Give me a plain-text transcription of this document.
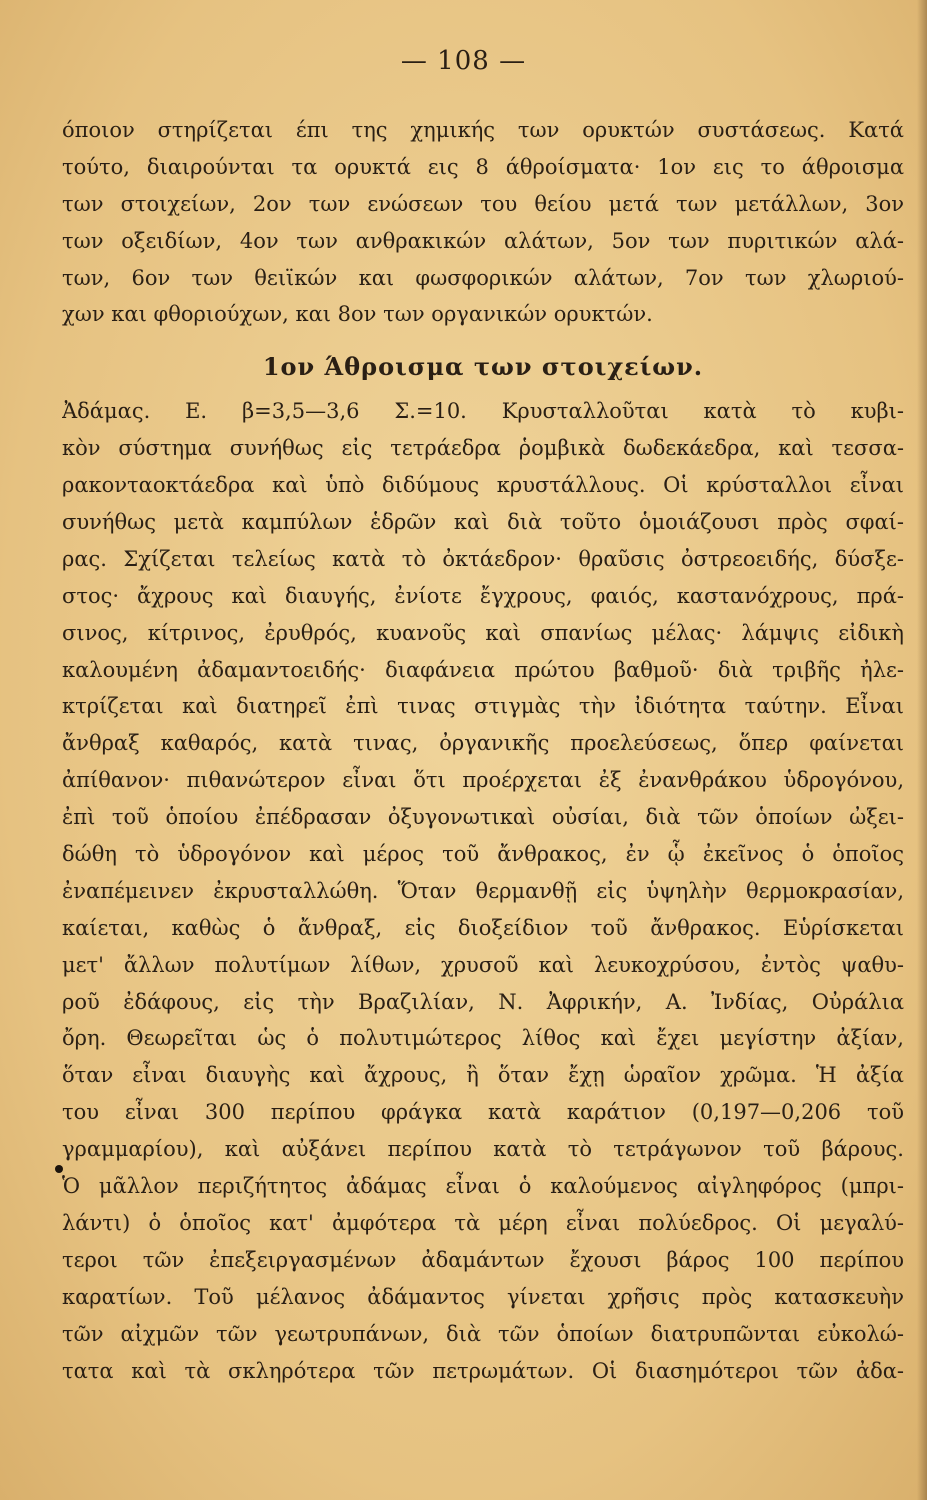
— 108 —
όποιον στηρίζεται έπι της χημικής των ορυκτών συστάσεως. Κατά
τούτο, διαιρούνται τα ορυκτά εις 8 άθροίσματα· 1ον εις το άθροισμα
των στοιχείων, 2ον των ενώσεων του θείου μετά των μετάλλων, 3ον
των οξειδίων, 4ον των ανθρακικών αλάτων, 5ον των πυριτικών αλά-
των, 6ον των θειϊκών και φωσφορικών αλάτων, 7ον των χλωριού-
χων και φθοριούχων, και 8ον των οργανικών ορυκτών.
1ον Άθροισμα των στοιχείων.
Ἀδάμας. Ε. β=3,5—3,6 Σ.=10. Κρυσταλλοῦται κατὰ τὸ κυβι-
κὸν σύστημα συνήθως εἰς τετράεδρα ῥομβικὰ δωδεκάεδρα, καὶ τεσσα-
ρακονταοκτάεδρα καὶ ὑπὸ διδύμους κρυστάλλους. Οἱ κρύσταλλοι εἶναι
συνήθως μετὰ καμπύλων ἑδρῶν καὶ διὰ τοῦτο ὁμοιάζουσι πρὸς σφαί-
ρας. Σχίζεται τελείως κατὰ τὸ ὀκτάεδρον· θραῦσις ὀστρεοειδής, δύσξε-
στος· ἄχρους καὶ διαυγής, ἐνίοτε ἔγχρους, φαιός, καστανόχρους, πρά-
σινος, κίτρινος, ἐρυθρός, κυανοῦς καὶ σπανίως μέλας· λάμψις εἰδικὴ
καλουμένη ἀδαμαντοειδής· διαφάνεια πρώτου βαθμοῦ· διὰ τριβῆς ἠλε-
κτρίζεται καὶ διατηρεῖ ἐπὶ τινας στιγμὰς τὴν ἰδιότητα ταύτην. Εἶναι
ἄνθραξ καθαρός, κατὰ τινας, ὀργανικῆς προελεύσεως, ὅπερ φαίνεται
ἀπίθανον· πιθανώτερον εἶναι ὅτι προέρχεται ἐξ ἐνανθράκου ὑδρογόνου,
ἐπὶ τοῦ ὁποίου ἐπέδρασαν ὀξυγονωτικαὶ οὐσίαι, διὰ τῶν ὁποίων ὠξει-
δώθη τὸ ὑδρογόνον καὶ μέρος τοῦ ἄνθρακος, ἐν ᾧ ἐκεῖνος ὁ ὁποῖος
ἐναπέμεινεν ἐκρυσταλλώθη. Ὅταν θερμανθῇ εἰς ὑψηλὴν θερμοκρασίαν,
καίεται, καθὼς ὁ ἄνθραξ, εἰς διοξείδιον τοῦ ἄνθρακος. Εὑρίσκεται
μετ' ἄλλων πολυτίμων λίθων, χρυσοῦ καὶ λευκοχρύσου, ἐντὸς ψαθυ-
ροῦ ἐδάφους, εἰς τὴν Βραζιλίαν, Ν. Ἀφρικήν, Α. Ἰνδίας, Οὐράλια
ὄρη. Θεωρεῖται ὡς ὁ πολυτιμώτερος λίθος καὶ ἔχει μεγίστην ἀξίαν,
ὅταν εἶναι διαυγὴς καὶ ἄχρους, ἢ ὅταν ἔχῃ ὡραῖον χρῶμα. Ἡ ἀξία
του εἶναι 300 περίπου φράγκα κατὰ καράτιον (0,197—0,206 τοῦ
γραμμαρίου), καὶ αὐξάνει περίπου κατὰ τὸ τετράγωνον τοῦ βάρους.
Ὁ μᾶλλον περιζήτητος ἀδάμας εἶναι ὁ καλούμενος αἰγληφόρος (μπρι-
λάντι) ὁ ὁποῖος κατ' ἀμφότερα τὰ μέρη εἶναι πολύεδρος. Οἱ μεγαλύ-
τεροι τῶν ἐπεξειργασμένων ἀδαμάντων ἔχουσι βάρος 100 περίπου
καρατίων. Τοῦ μέλανος ἀδάμαντος γίνεται χρῆσις πρὸς κατασκευὴν
τῶν αἰχμῶν τῶν γεωτρυπάνων, διὰ τῶν ὁποίων διατρυπῶνται εὐκολώ-
τατα καὶ τὰ σκληρότερα τῶν πετρωμάτων. Οἱ διασημότεροι τῶν ἀδα-
